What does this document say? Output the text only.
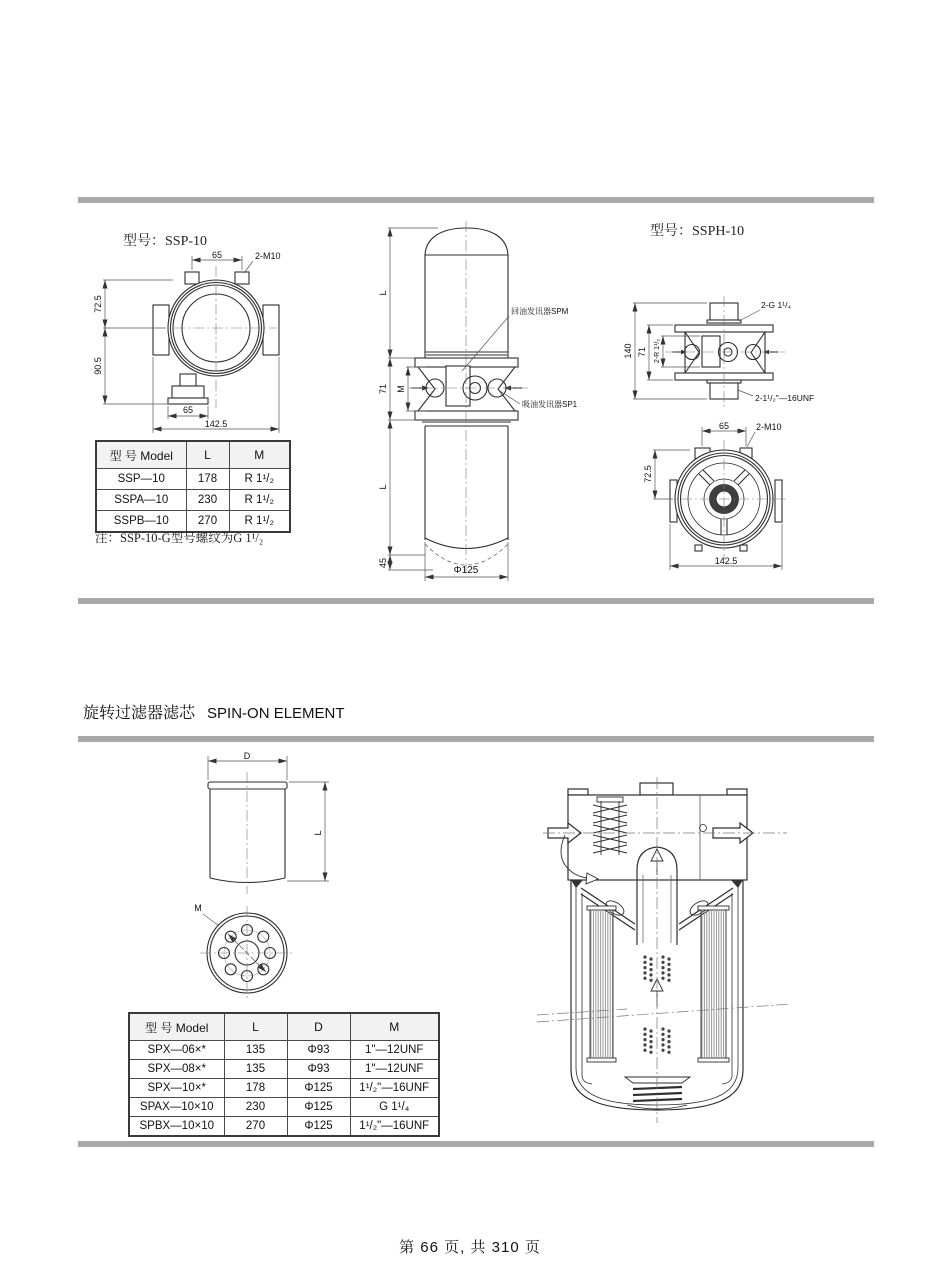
型号：SSP-10
型号：SSPH-10
65	2-M10
72.5
90.5
65
142.5
型 号 Model	L	M
SSP—10	178	R 1¹/₂
SSPA—10	230	R 1¹/₂
SSPB—10	270	R 1¹/₂
注：SSP-10-G型号螺纹为G 1¹/₂
L
71 M
L
45
Φ125
回油发讯器SPM
吸油发讯器SP1
140 71 2-R 1¹/₂
2-G 1¹/₄
2-1¹/₂"—16UNF
65	2-M10
72.5
142.5
旋转过滤器滤芯 SPIN-ON ELEMENT
D
L
M
型 号 Model	L	D	M
SPX—06×*	135	Φ93	1"—12UNF
SPX—08×*	135	Φ93	1"—12UNF
SPX—10×*	178	Φ125	1¹/₂"—16UNF
SPAX—10×10	230	Φ125	G 1¹/₄
SPBX—10×10	270	Φ125	1¹/₂"—16UNF
第 66 页, 共 310 页
